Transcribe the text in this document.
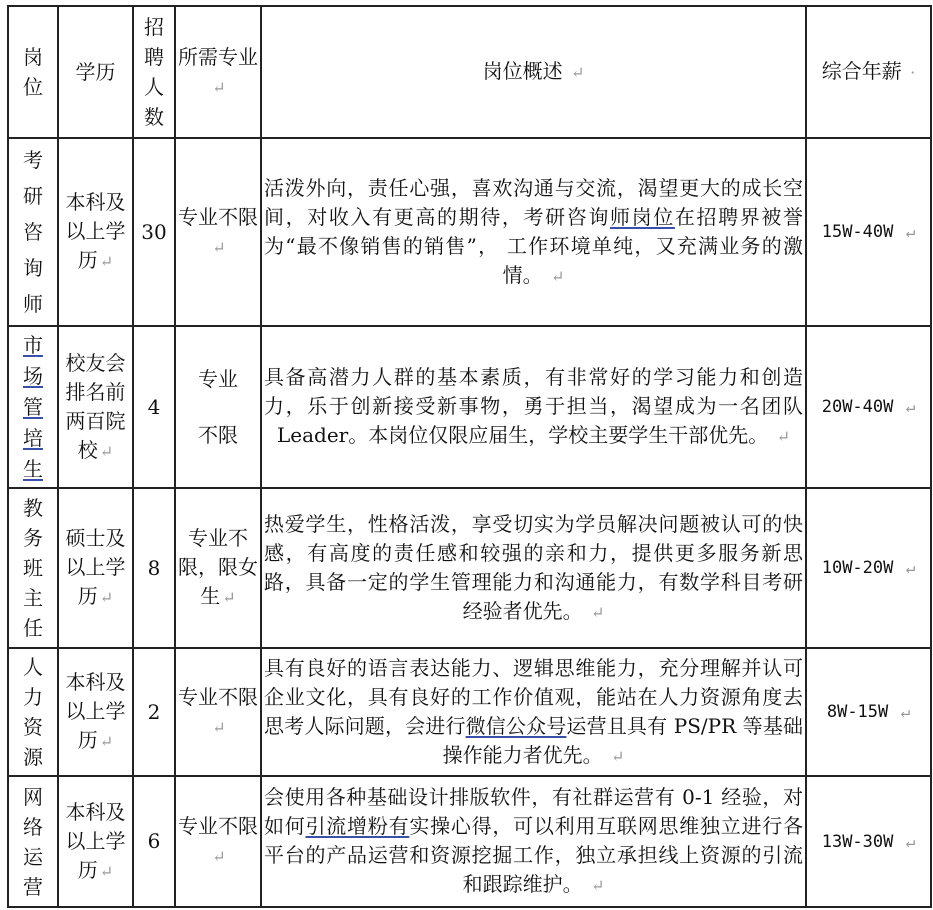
岗位	学历	招聘人数	所需专业↵	岗位概述 ↵	综合年薪 ·
考研咨询师	本科及以上学历 ↵	30	专业不限↵	活泼外向，责任心强，喜欢沟通与交流，渴望更大的成长空间，对收入有更高的期待，考研咨询师岗位在招聘界被誉为“最不像销售的销售”， 工作环境单纯，又充满业务的激情。 ↵	15W-40W ↵
市场管培生	校友会排名前两百院校 ↵	4	专业
不限	具备高潜力人群的基本素质，有非常好的学习能力和创造力，乐于创新接受新事物，勇于担当，渴望成为一名团队 Leader。本岗位仅限应届生，学校主要学生干部优先。 ↵	20W-40W ↵
教务班主任	硕士及以上学历 ↵	8	专业不限，限女生 ↵	热爱学生，性格活泼，享受切实为学员解决问题被认可的快感，有高度的责任感和较强的亲和力，提供更多服务新思路，具备一定的学生管理能力和沟通能力，有数学科目考研经验者优先。 ↵	10W-20W ↵
人力资源	本科及以上学历 ↵	2	专业不限↵	具有良好的语言表达能力、逻辑思维能力，充分理解并认可企业文化，具有良好的工作价值观，能站在人力资源角度去思考人际问题，会进行微信公众号运营且具有 PS/PR 等基础操作能力者优先。 ↵	8W-15W ↵
网络运营	本科及以上学历 ↵	6	专业不限↵	会使用各种基础设计排版软件，有社群运营有 0-1 经验，对如何引流增粉有实操心得，可以利用互联网思维独立进行各平台的产品运营和资源挖掘工作，独立承担线上资源的引流和跟踪维护。 ↵	13W-30W ↵
